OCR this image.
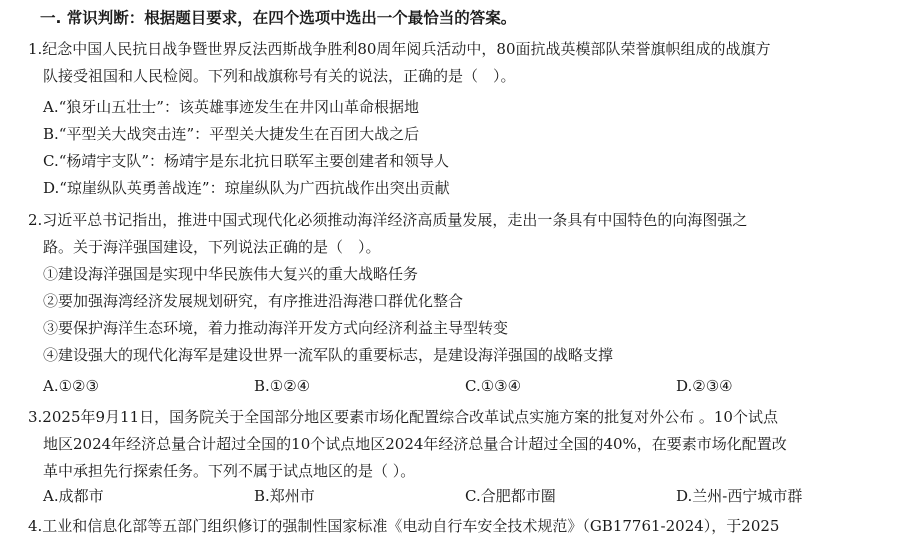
一. 常识判断：根据题目要求，在四个选项中选出一个最恰当的答案。
1.纪念中国人民抗日战争暨世界反法西斯战争胜利80周年阅兵活动中，80面抗战英模部队荣誉旗帜组成的战旗方
队接受祖国和人民检阅。下列和战旗称号有关的说法，正确的是（　）。
A.“狼牙山五壮士”：该英雄事迹发生在井冈山革命根据地
B.“平型关大战突击连”：平型关大捷发生在百团大战之后
C.“杨靖宇支队”：杨靖宇是东北抗日联军主要创建者和领导人
D.“琼崖纵队英勇善战连”：琼崖纵队为广西抗战作出突出贡献
2.习近平总书记指出，推进中国式现代化必须推动海洋经济高质量发展，走出一条具有中国特色的向海图强之
路。关于海洋强国建设，下列说法正确的是（　）。
①建设海洋强国是实现中华民族伟大复兴的重大战略任务
②要加强海湾经济发展规划研究，有序推进沿海港口群优化整合
③要保护海洋生态环境，着力推动海洋开发方式向经济利益主导型转变
④建设强大的现代化海军是建设世界一流军队的重要标志，是建设海洋强国的战略支撑
A.①②③	B.①②④	C.①③④	D.②③④
3.2025年9月11日，国务院关于全国部分地区要素市场化配置综合改革试点实施方案的批复对外公布 。10个试点
地区2024年经济总量合计超过全国的10个试点地区2024年经济总量合计超过全国的40%，在要素市场化配置改
革中承担先行探索任务。下列不属于试点地区的是（ ）。
A.成都市	B.郑州市	C.合肥都市圈	D.兰州-西宁城市群
4.工业和信息化部等五部门组织修订的强制性国家标准《电动自行车安全技术规范》（GB17761-2024），于2025
